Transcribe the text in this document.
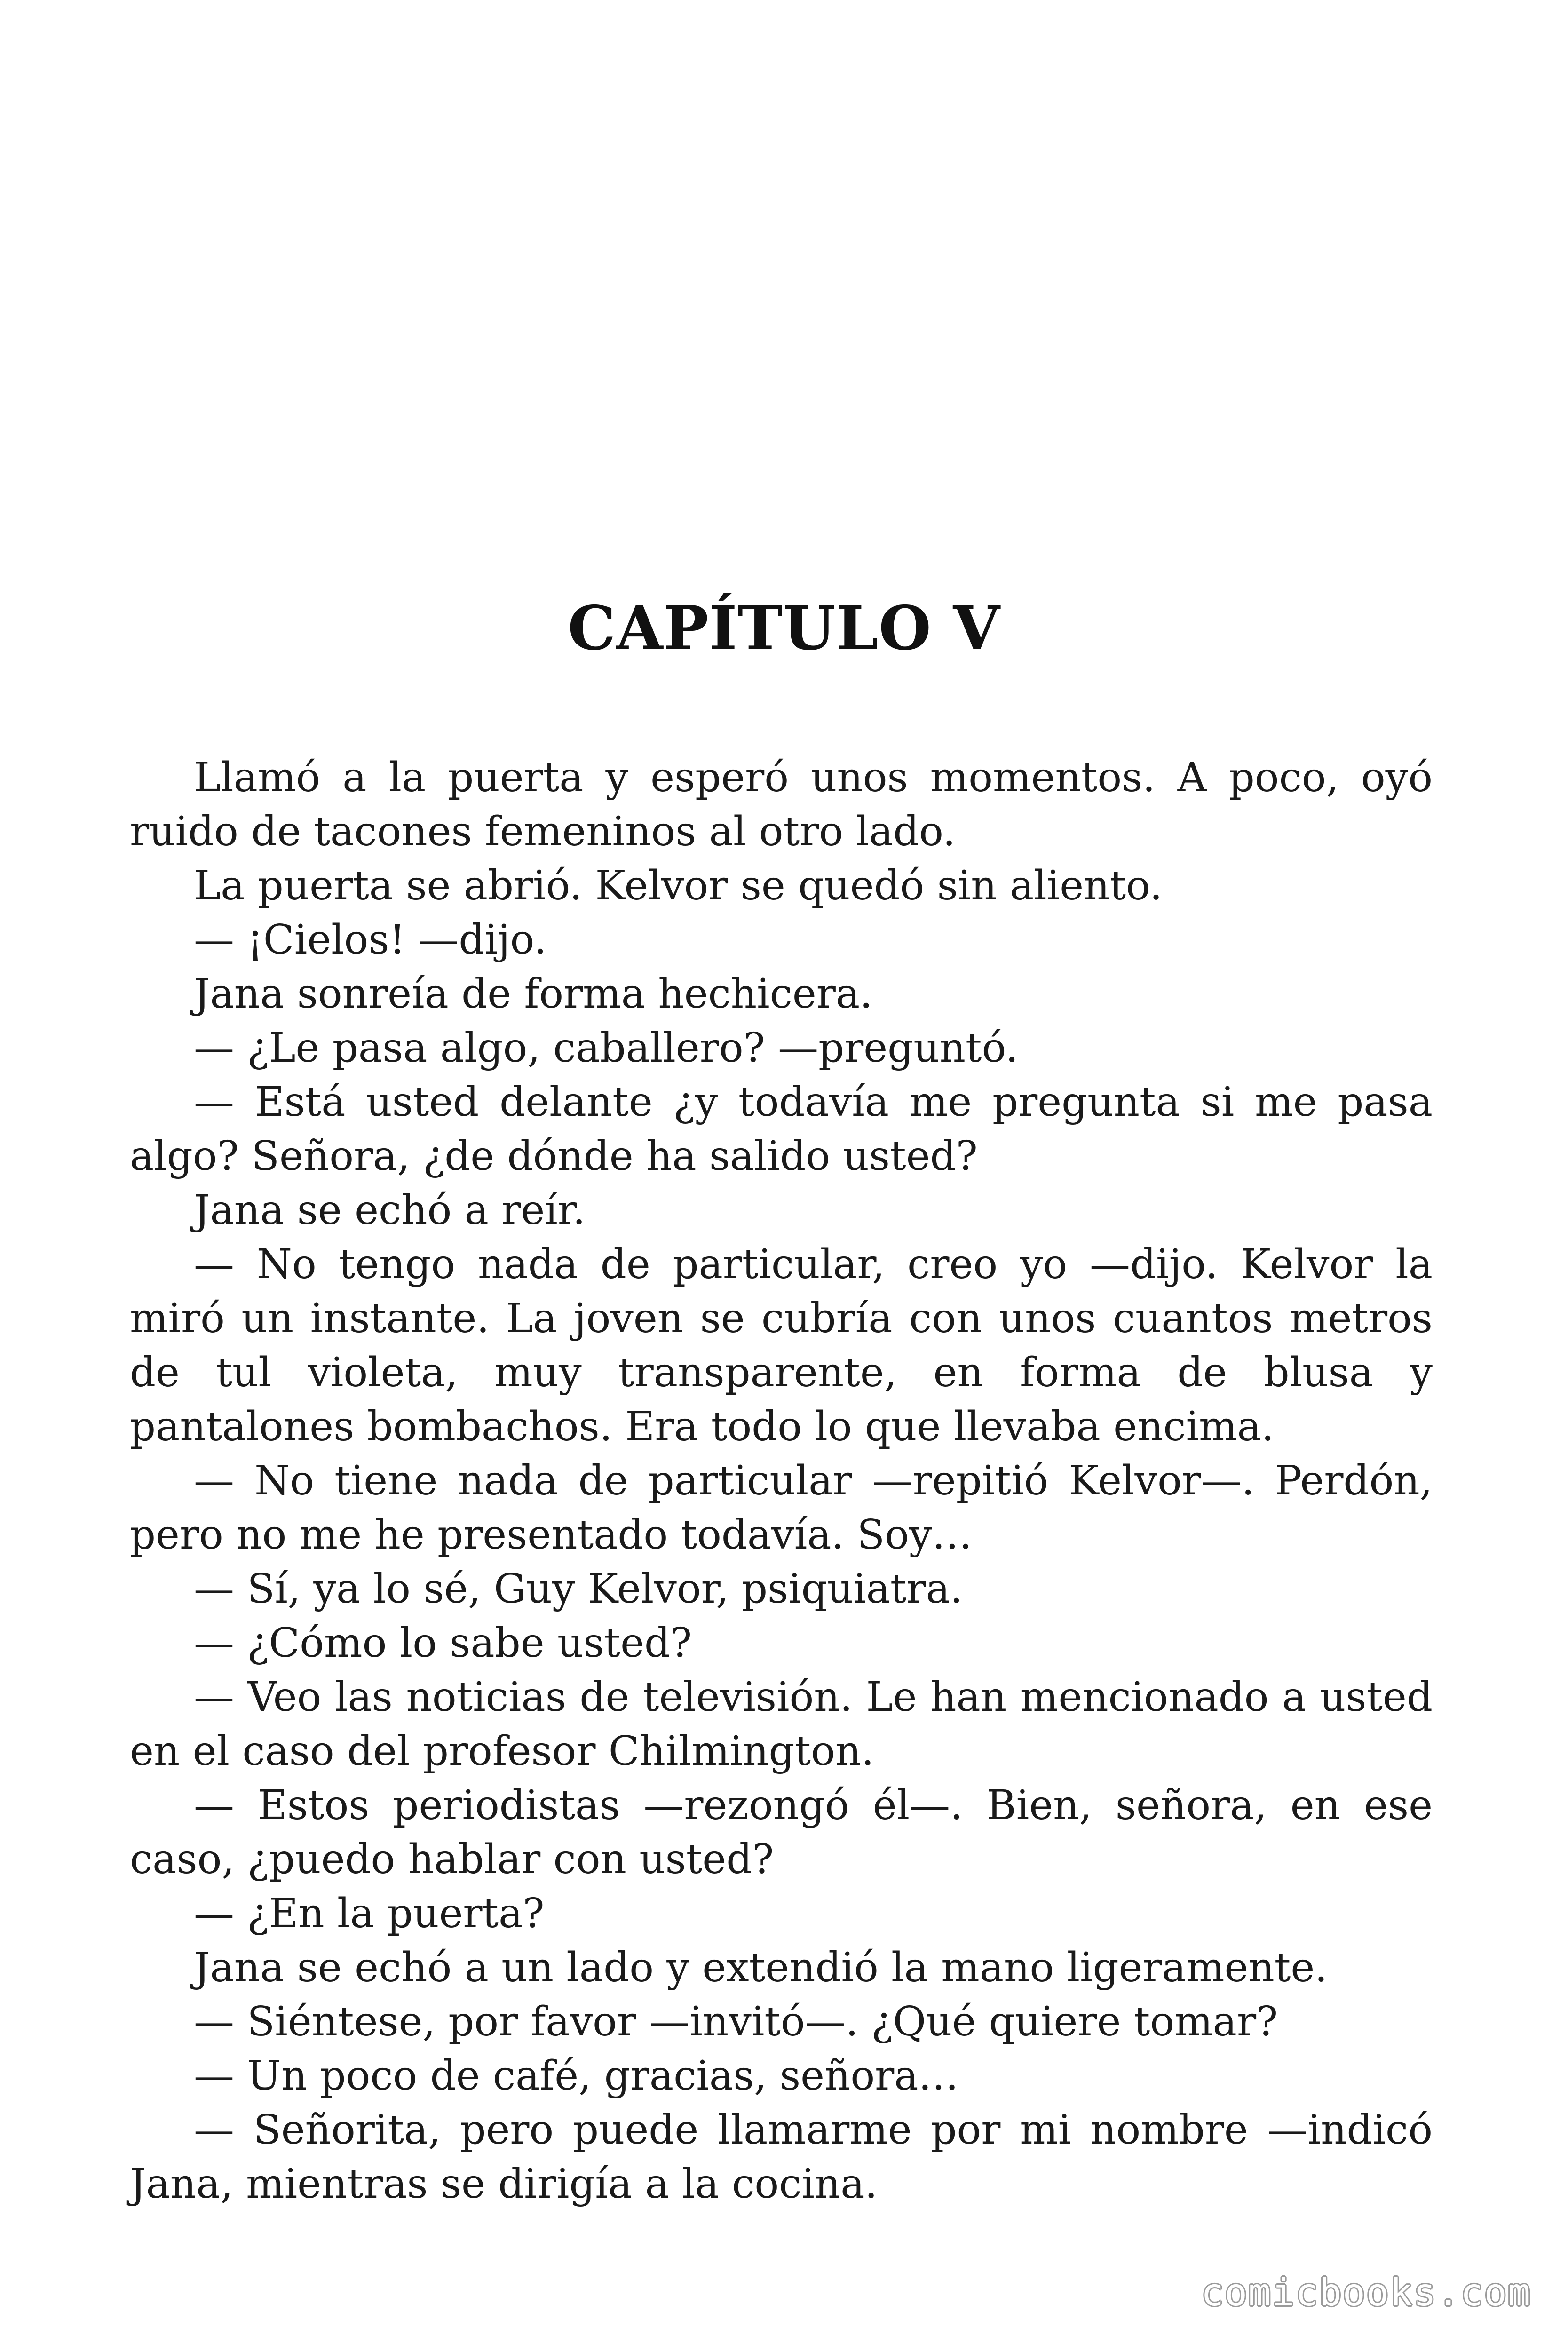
CAPÍTULO V

Llamó a la puerta y esperó unos momentos. A poco, oyó ruido de tacones femeninos al otro lado.

La puerta se abrió. Kelvor se quedó sin aliento.

— ¡Cielos! —dijo.

Jana sonreía de forma hechicera.

— ¿Le pasa algo, caballero? —preguntó.

— Está usted delante ¿y todavía me pregunta si me pasa algo? Señora, ¿de dónde ha salido usted?

Jana se echó a reír.

— No tengo nada de particular, creo yo —dijo. Kelvor la miró un instante. La joven se cubría con unos cuantos metros de tul violeta, muy transparente, en forma de blusa y pantalones bombachos. Era todo lo que llevaba encima.

— No tiene nada de particular —repitió Kelvor—. Perdón, pero no me he presentado todavía. Soy…

— Sí, ya lo sé, Guy Kelvor, psiquiatra.

— ¿Cómo lo sabe usted?

— Veo las noticias de televisión. Le han mencionado a usted en el caso del profesor Chilmington.

— Estos periodistas —rezongó él—. Bien, señora, en ese caso, ¿puedo hablar con usted?

— ¿En la puerta?

Jana se echó a un lado y extendió la mano ligeramente.

— Siéntese, por favor —invitó—. ¿Qué quiere tomar?

— Un poco de café, gracias, señora…

— Señorita, pero puede llamarme por mi nombre —indicó Jana, mientras se dirigía a la cocina.

comicbooks.com
